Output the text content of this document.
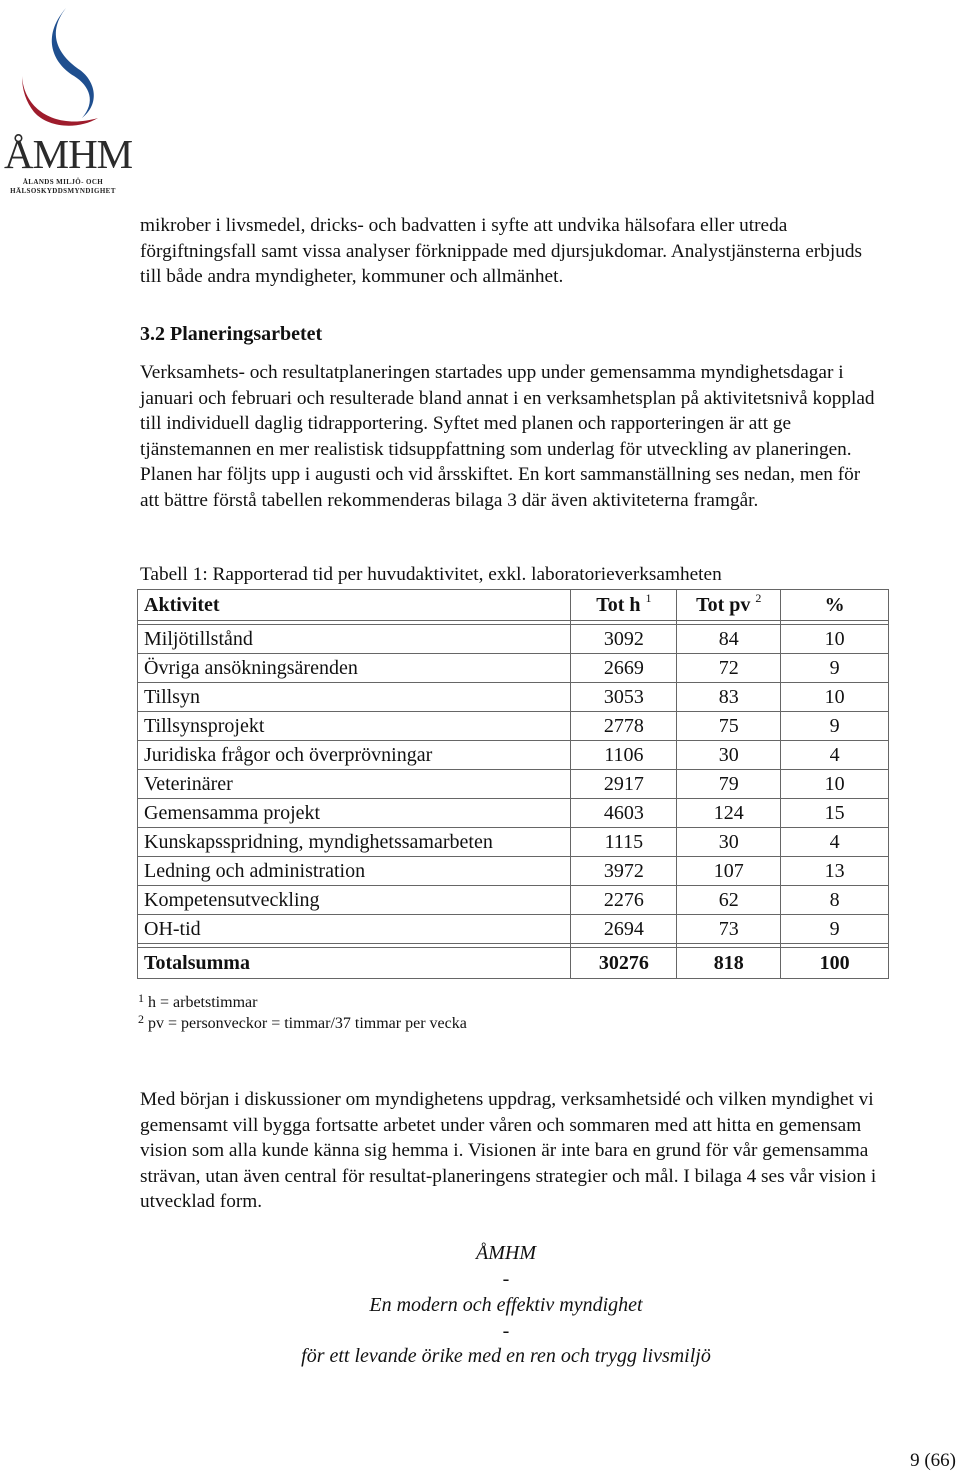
ÅMHM
ÅLANDS MILJÖ- OCH
HÄLSOSKYDDSMYNDIGHET

mikrober i livsmedel, dricks- och badvatten i syfte att undvika hälsofara eller utreda förgiftningsfall samt vissa analyser förknippade med djursjukdomar. Analystjänsterna erbjuds till både andra myndigheter, kommuner och allmänhet.

3.2 Planeringsarbetet

Verksamhets- och resultatplaneringen startades upp under gemensamma myndighetsdagar i januari och februari och resulterade bland annat i en verksamhetsplan på aktivitetsnivå kopplad till individuell daglig tidrapportering. Syftet med planen och rapporteringen är att ge tjänstemannen en mer realistisk tidsuppfattning som underlag för utveckling av planeringen. Planen har följts upp i augusti och vid årsskiftet. En kort sammanställning ses nedan, men för att bättre förstå tabellen rekommenderas bilaga 3 där även aktiviteterna framgår.

Tabell 1: Rapporterad tid per huvudaktivitet, exkl. laboratorieverksamheten

Aktivitet	Tot h $^1$	Tot pv $^2$	%

Miljötillstånd	3092	84	10
Övriga ansökningsärenden	2669	72	9
Tillsyn	3053	83	10
Tillsynsprojekt	2778	75	9
Juridiska frågor och överprövningar	1106	30	4
Veterinärer	2917	79	10
Gemensamma projekt	4603	124	15
Kunskapsspridning, myndighetssamarbeten	1115	30	4
Ledning och administration	3972	107	13
Kompetensutveckling	2276	62	8
OH-tid	2694	73	9

Totalsumma	30276	818	100

$^1$ h = arbetstimmar

$^2$ pv = personveckor = timmar/37 timmar per vecka

Med början i diskussioner om myndighetens uppdrag, verksamhetsidé och vilken myndighet vi gemensamt vill bygga fortsatte arbetet under våren och sommaren med att hitta en gemensam vision som alla kunde känna sig hemma i. Visionen är inte bara en grund för vår gemensamma strävan, utan även central för resultat-planeringens strategier och mål. I bilaga 4 ses vår vision i utvecklad form.

ÅMHM

-

En modern och effektiv myndighet

-

för ett levande örike med en ren och trygg livsmiljö

9 (66)
